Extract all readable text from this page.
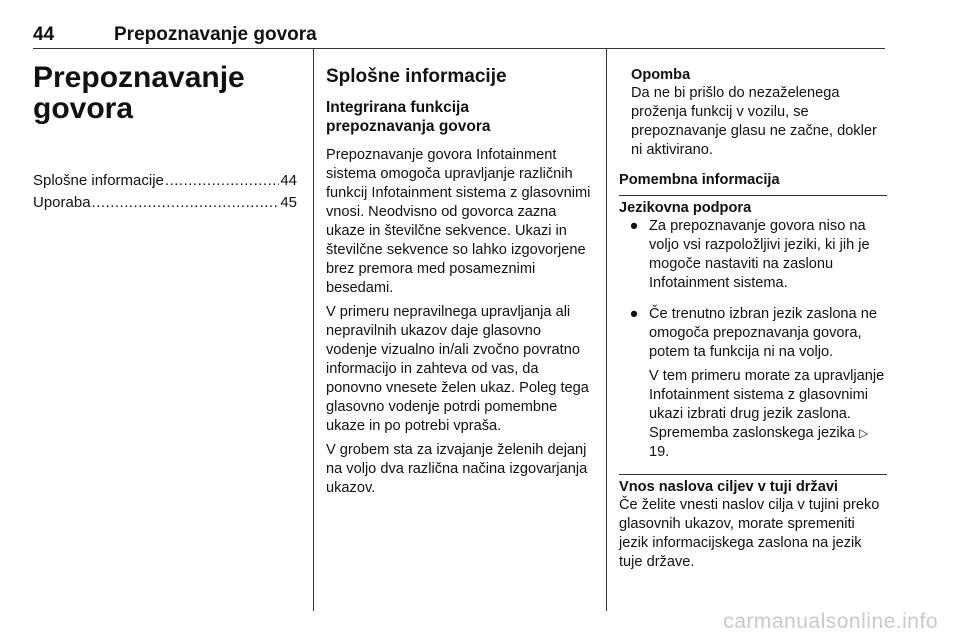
44	Prepoznavanje govora
Prepoznavanje
govora
Splošne informacije .....	44
Uporaba .....	45
Splošne informacije
Integrirana funkcija
prepoznavanja govora

Prepoznavanje govora Infotainment sistema omogoča upravljanje različnih funkcij Infotainment sistema z glasovnimi vnosi. Neodvisno od govorca zazna ukaze in številčne sekvence. Ukazi in številčne sekvence so lahko izgovorjene brez premora med posameznimi besedami.

V primeru nepravilnega upravljanja ali nepravilnih ukazov daje glasovno vodenje vizualno in/ali zvočno povratno informacijo in zahteva od vas, da ponovno vnesete želen ukaz. Poleg tega glasovno vodenje potrdi pomembne ukaze in po potrebi vpraša.

V grobem sta za izvajanje želenih dejanj na voljo dva različna načina izgovarjanja ukazov.

Opomba
Da ne bi prišlo do nezaželenega proženja funkcij v vozilu, se prepoznavanje glasu ne začne, dokler ni aktivirano.
Pomembna informacija
Jezikovna podpora
● Za prepoznavanje govora niso na voljo vsi razpoložljivi jeziki, ki jih je mogoče nastaviti na zaslonu Infotainment sistema.

● Če trenutno izbran jezik zaslona ne omogoča prepoznavanja govora, potem ta funkcija ni na voljo.

V tem primeru morate za upravljanje Infotainment sistema z glasovnimi ukazi izbrati drug jezik zaslona. Sprememba zaslonskega jezika ▷ 19.

Vnos naslova ciljev v tuji državi

Če želite vnesti naslov cilja v tujini preko glasovnih ukazov, morate spremeniti jezik informacijskega zaslona na jezik tuje države.

carmanualsonline.info
